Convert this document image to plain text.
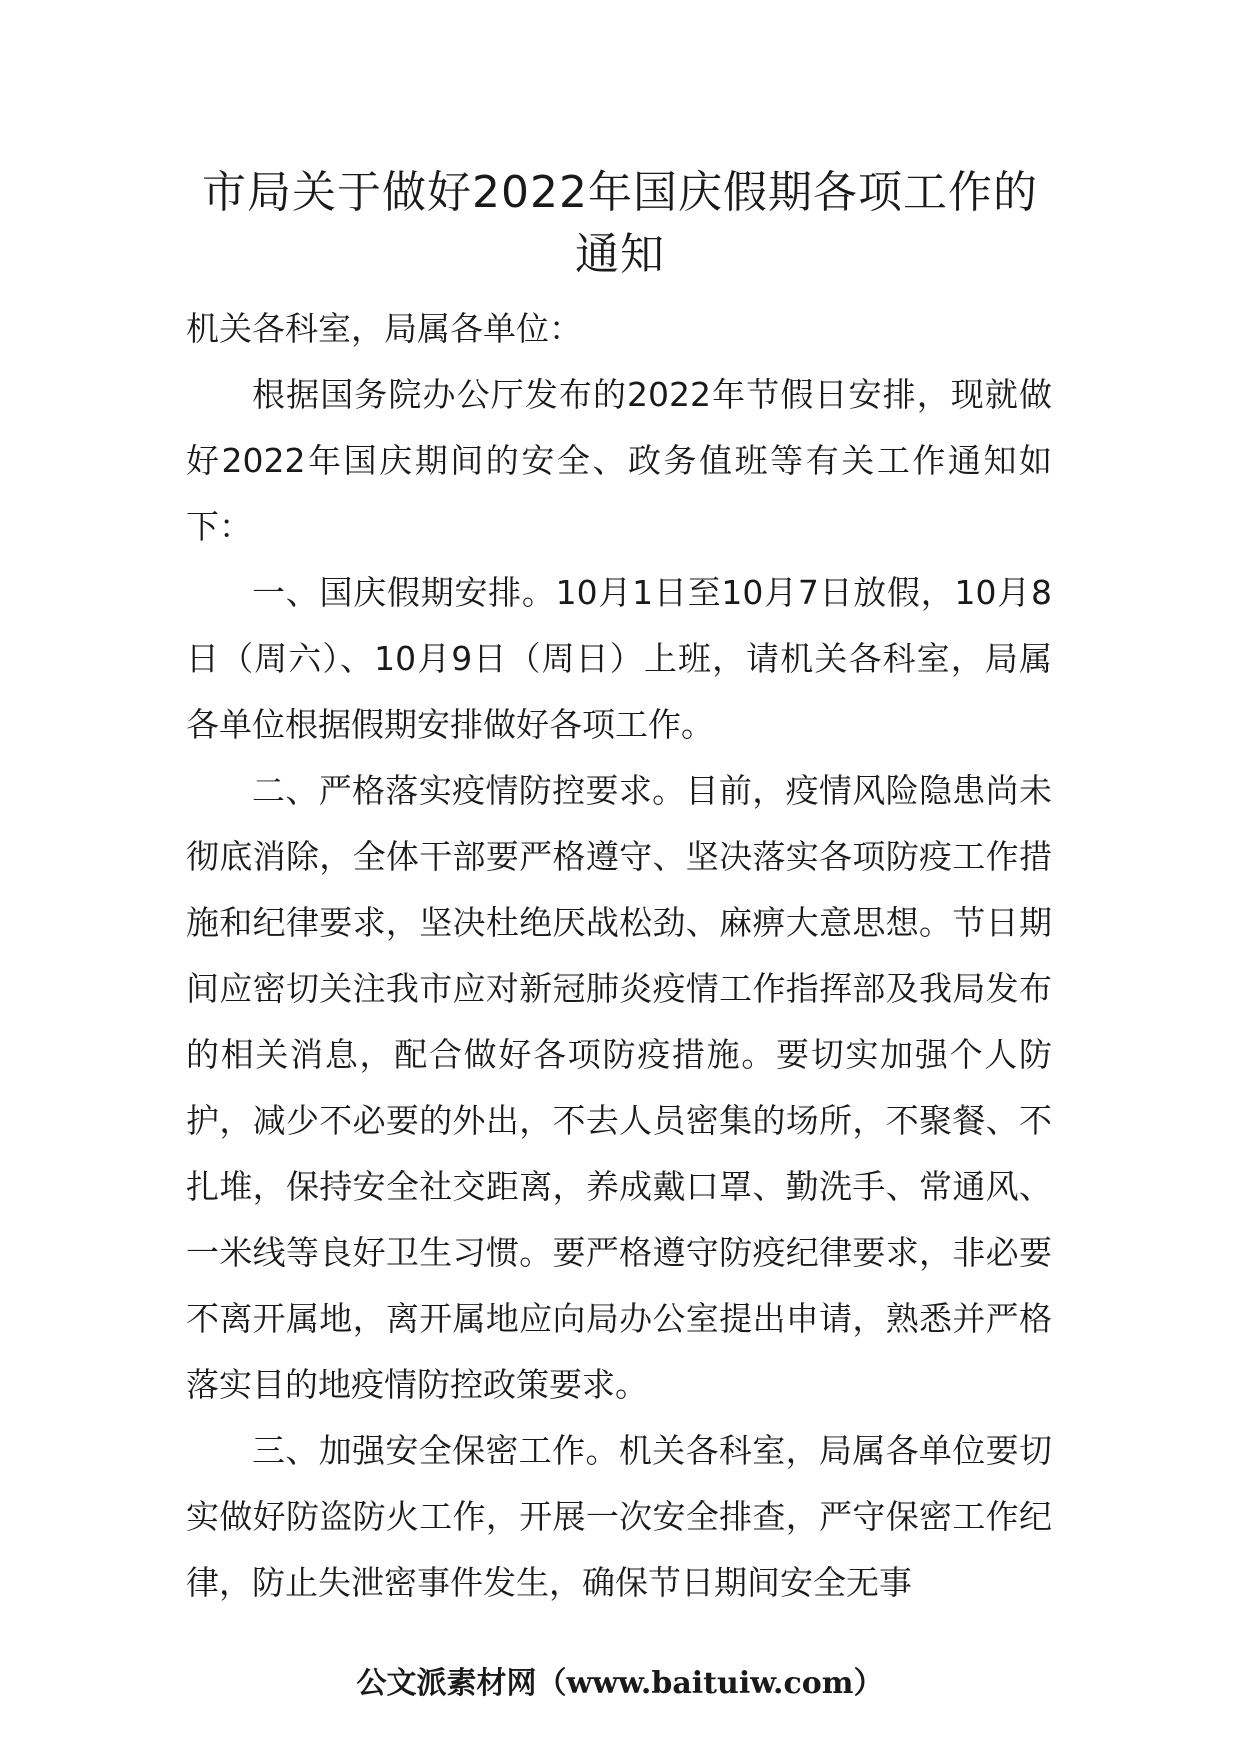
市局关于做好2022年国庆假期各项工作的通知

机关各科室，局属各单位：

根据国务院办公厅发布的2022年节假日安排，现就做好2022年国庆期间的安全、政务值班等有关工作通知如下：

一、国庆假期安排。10月1日至10月7日放假，10月8日（周六）、10月9日（周日）上班，请机关各科室，局属各单位根据假期安排做好各项工作。

二、严格落实疫情防控要求。目前，疫情风险隐患尚未彻底消除，全体干部要严格遵守、坚决落实各项防疫工作措施和纪律要求，坚决杜绝厌战松劲、麻痹大意思想。节日期间应密切关注我市应对新冠肺炎疫情工作指挥部及我局发布的相关消息，配合做好各项防疫措施。要切实加强个人防护，减少不必要的外出，不去人员密集的场所，不聚餐、不扎堆，保持安全社交距离，养成戴口罩、勤洗手、常通风、一米线等良好卫生习惯。要严格遵守防疫纪律要求，非必要不离开属地，离开属地应向局办公室提出申请，熟悉并严格落实目的地疫情防控政策要求。

三、加强安全保密工作。机关各科室，局属各单位要切实做好防盗防火工作，开展一次安全排查，严守保密工作纪律，防止失泄密事件发生，确保节日期间安全无事

公文派素材网（www.baituiw.com）
